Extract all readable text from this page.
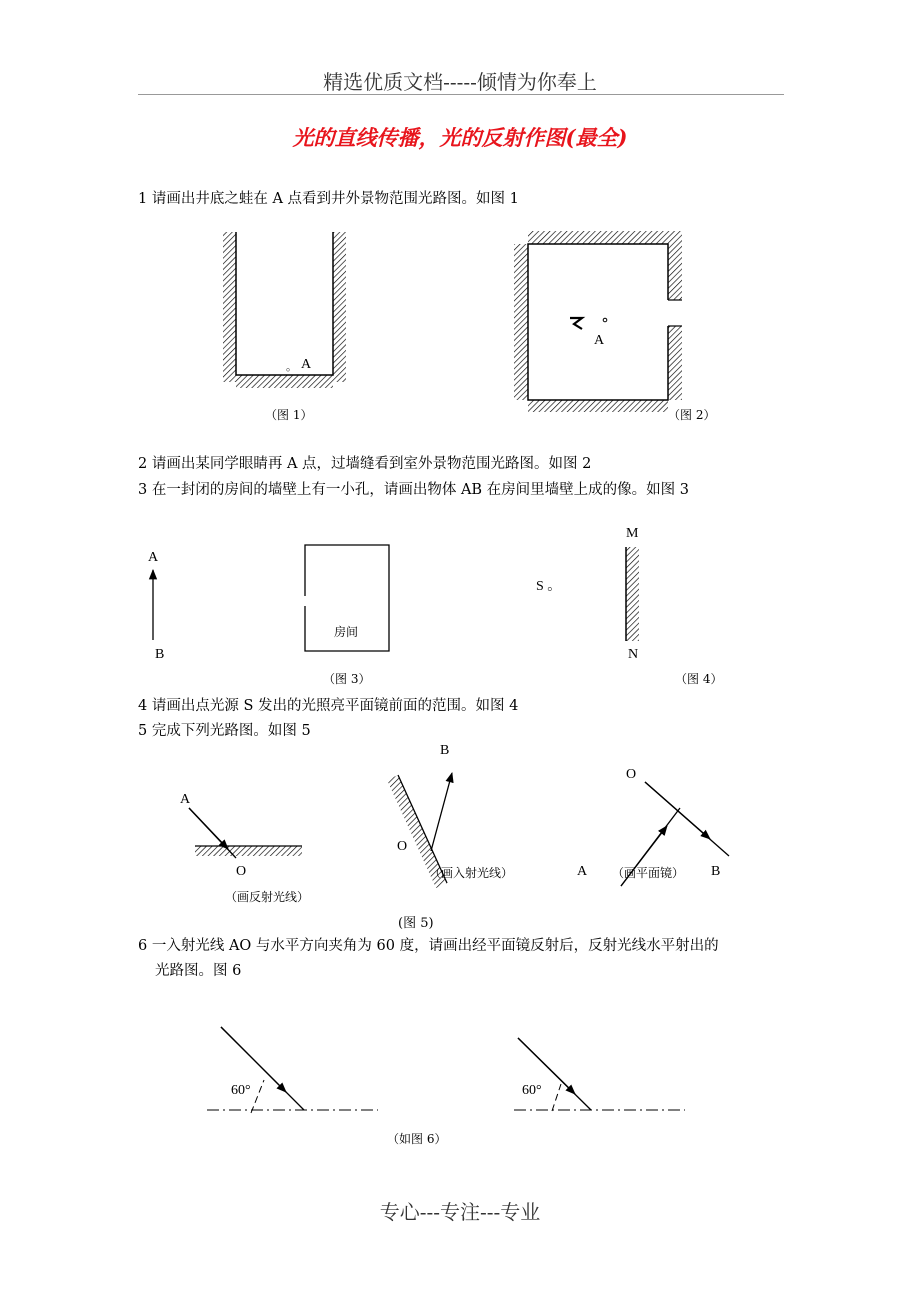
精选优质文档-----倾情为你奉上
光的直线传播，光的反射作图(最全)
1 请画出井底之蛙在 A 点看到井外景物范围光路图。如图 1
2 请画出某同学眼睛再 A 点，过墙缝看到室外景物范围光路图。如图 2
3 在一封闭的房间的墙壁上有一小孔，请画出物体 AB 在房间里墙壁上成的像。如图 3
4 请画出点光源 S 发出的光照亮平面镜前面的范围。如图 4
5 完成下列光路图。如图 5
6 一入射光线 AO 与水平方向夹角为 60 度，请画出经平面镜反射后，反射光线水平射出的
光路图。图 6
。 A
（图 1）
A
（图 2）
A
B
房间
（图 3）
M
N
S 。
（图 4）
A
O
（画反射光线）
B
O
（画入射光线）
O
A （画平面镜） B
(图 5)
60°	60°
（如图 6）
专心---专注---专业
